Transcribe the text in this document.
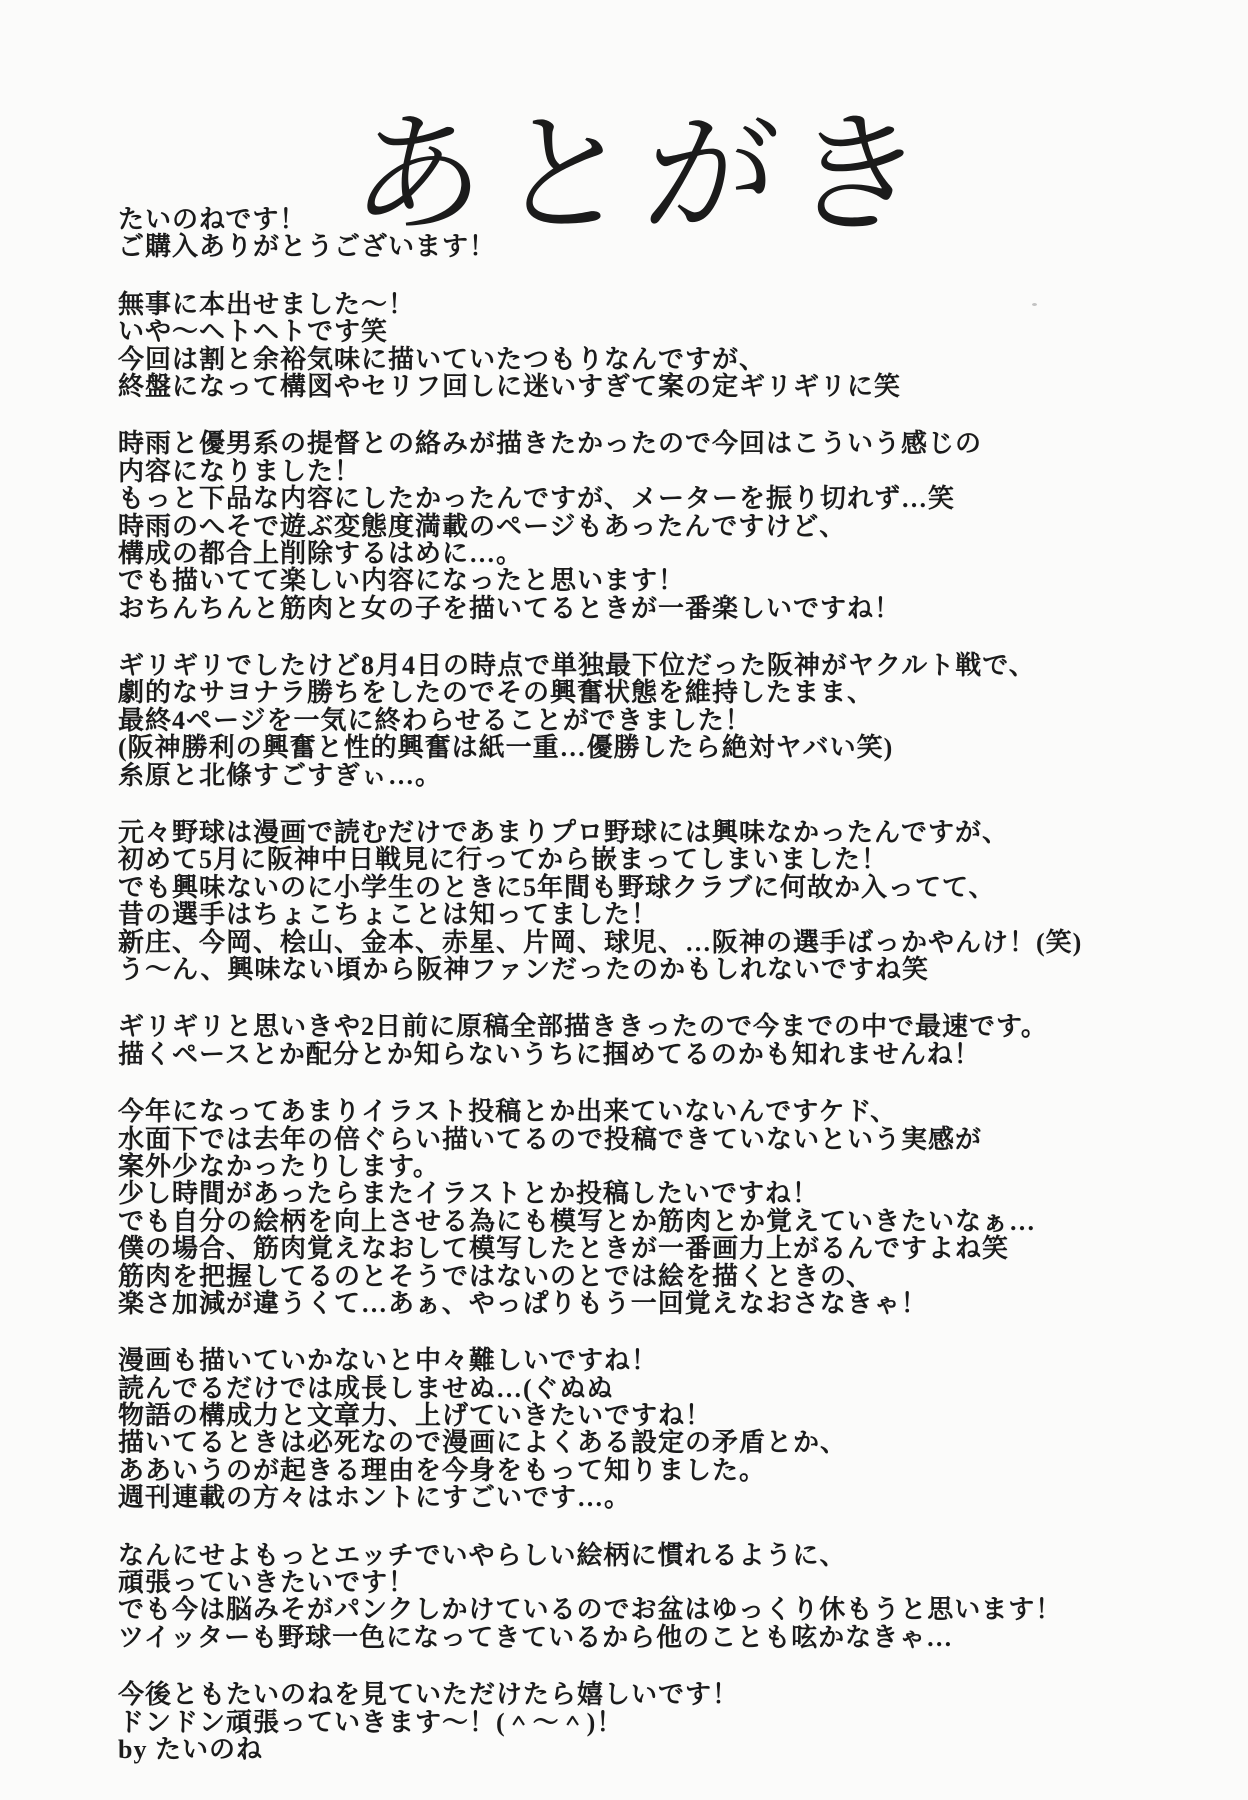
あとがき
たいのねです！
ご購入ありがとうございます！
無事に本出せました～！
いや～ヘトヘトです笑
今回は割と余裕気味に描いていたつもりなんですが、
終盤になって構図やセリフ回しに迷いすぎて案の定ギリギリに笑
時雨と優男系の提督との絡みが描きたかったので今回はこういう感じの
内容になりました！
もっと下品な内容にしたかったんですが、メーターを振り切れず…笑
時雨のへそで遊ぶ変態度満載のページもあったんですけど、
構成の都合上削除するはめに…。
でも描いてて楽しい内容になったと思います！
おちんちんと筋肉と女の子を描いてるときが一番楽しいですね！
ギリギリでしたけど8月4日の時点で単独最下位だった阪神がヤクルト戦で、
劇的なサヨナラ勝ちをしたのでその興奮状態を維持したまま、
最終4ページを一気に終わらせることができました！
(阪神勝利の興奮と性的興奮は紙一重…優勝したら絶対ヤバい笑)
糸原と北條すごすぎぃ…。
元々野球は漫画で読むだけであまりプロ野球には興味なかったんですが、
初めて5月に阪神中日戦見に行ってから嵌まってしまいました！
でも興味ないのに小学生のときに5年間も野球クラブに何故か入ってて、
昔の選手はちょこちょことは知ってました！
新庄、今岡、桧山、金本、赤星、片岡、球児、…阪神の選手ばっかやんけ！(笑)
う～ん、興味ない頃から阪神ファンだったのかもしれないですね笑
ギリギリと思いきや2日前に原稿全部描ききったので今までの中で最速です。
描くペースとか配分とか知らないうちに掴めてるのかも知れませんね！
今年になってあまりイラスト投稿とか出来ていないんですケド、
水面下では去年の倍ぐらい描いてるので投稿できていないという実感が
案外少なかったりします。
少し時間があったらまたイラストとか投稿したいですね！
でも自分の絵柄を向上させる為にも模写とか筋肉とか覚えていきたいなぁ…
僕の場合、筋肉覚えなおして模写したときが一番画力上がるんですよね笑
筋肉を把握してるのとそうではないのとでは絵を描くときの、
楽さ加減が違うくて…あぁ、やっぱりもう一回覚えなおさなきゃ！
漫画も描いていかないと中々難しいですね！
読んでるだけでは成長しませぬ…(ぐぬぬ
物語の構成力と文章力、上げていきたいですね！
描いてるときは必死なので漫画によくある設定の矛盾とか、
ああいうのが起きる理由を今身をもって知りました。
週刊連載の方々はホントにすごいです…。
なんにせよもっとエッチでいやらしい絵柄に慣れるように、
頑張っていきたいです！
でも今は脳みそがパンクしかけているのでお盆はゆっくり休もうと思います！
ツイッターも野球一色になってきているから他のことも呟かなきゃ…
今後ともたいのねを見ていただけたら嬉しいです！
ドンドン頑張っていきます～！(＾～＾)！
by たいのね
